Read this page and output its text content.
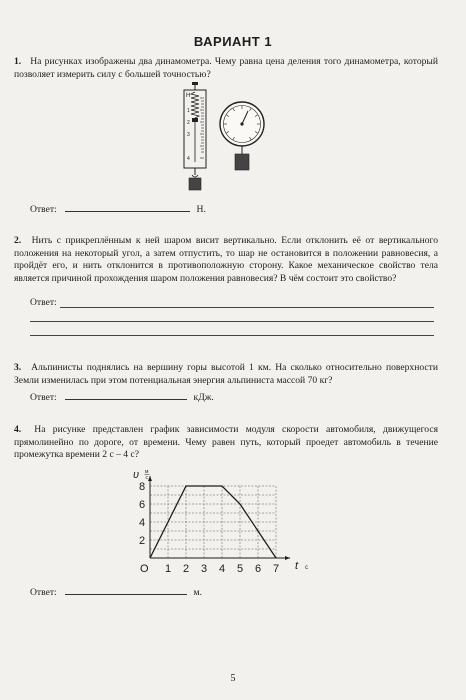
ВАРИАНТ 1
1. На рисунках изображены два динамометра. Чему равна цена деления того динамометра, который позволяет измерить силу с большей точностью?
Н
1
2
3
4
Ответ:	Н.
2. Нить с прикреплённым к ней шаром висит вертикально. Если отклонить её от вертикального положения на некоторый угол, а затем отпустить, то шар не остановится в положении равновесия, а пройдёт его, и нить отклонится в противоположную сторону. Какое механическое свойство тела является причиной прохождения шаром положения равновесия? В чём состоит это свойство?
Ответ:
3. Альпинисты поднялись на вершину горы высотой 1 км. На сколько относительно поверхности Земли изменилась при этом потенциальная энергия альпиниста массой 70 кг?
Ответ:	кДж.
4. На рисунке представлен график зависимости модуля скорости автомобиля, движущегося прямолинейно по дороге, от времени. Чему равен путь, который проедет автомобиль в течение промежутка времени 2 с – 4 с?
1 2 3 4 5 6 7
2
4
6
8
O
υ м
с
t с
Ответ:	м.
5
